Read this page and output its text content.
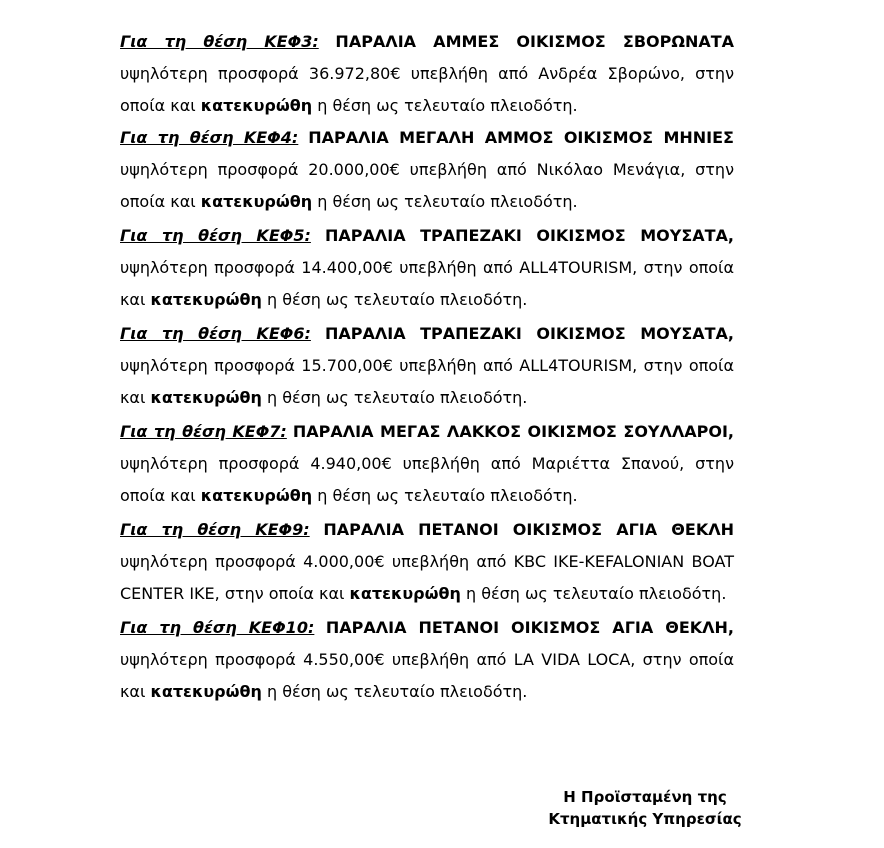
Για τη θέση ΚΕΦ3: ΠΑΡΑΛΙΑ ΑΜΜΕΣ ΟΙΚΙΣΜΟΣ ΣΒΟΡΩΝΑΤΑ υψηλότερη προσφορά 36.972,80€ υπεβλήθη από Ανδρέα Σβορώνο, στην οποία και κατεκυρώθη η θέση ως τελευταίο πλειοδότη.

Για τη θέση ΚΕΦ4: ΠΑΡΑΛΙΑ ΜΕΓΑΛΗ ΑΜΜΟΣ ΟΙΚΙΣΜΟΣ ΜΗΝΙΕΣ υψηλότερη προσφορά 20.000,00€ υπεβλήθη από Νικόλαο Μενάγια, στην οποία και κατεκυρώθη η θέση ως τελευταίο πλειοδότη.

Για τη θέση ΚΕΦ5: ΠΑΡΑΛΙΑ ΤΡΑΠΕΖΑΚΙ ΟΙΚΙΣΜΟΣ ΜΟΥΣΑΤΑ, υψηλότερη προσφορά 14.400,00€ υπεβλήθη από ALL4TOURISM, στην οποία και κατεκυρώθη η θέση ως τελευταίο πλειοδότη.

Για τη θέση ΚΕΦ6: ΠΑΡΑΛΙΑ ΤΡΑΠΕΖΑΚΙ ΟΙΚΙΣΜΟΣ ΜΟΥΣΑΤΑ, υψηλότερη προσφορά 15.700,00€ υπεβλήθη από ALL4TOURISM, στην οποία και κατεκυρώθη η θέση ως τελευταίο πλειοδότη.

Για τη θέση ΚΕΦ7: ΠΑΡΑΛΙΑ ΜΕΓΑΣ ΛΑΚΚΟΣ ΟΙΚΙΣΜΟΣ ΣΟΥΛΛΑΡΟΙ, υψηλότερη προσφορά 4.940,00€ υπεβλήθη από Μαριέττα Σπανού, στην οποία και κατεκυρώθη η θέση ως τελευταίο πλειοδότη.

Για τη θέση ΚΕΦ9: ΠΑΡΑΛΙΑ ΠΕΤΑΝΟΙ ΟΙΚΙΣΜΟΣ ΑΓΙΑ ΘΕΚΛΗ υψηλότερη προσφορά 4.000,00€ υπεβλήθη από KBC IKE-KEFALONIAN BOAT CENTER IKE, στην οποία και κατεκυρώθη η θέση ως τελευταίο πλειοδότη.

Για τη θέση ΚΕΦ10: ΠΑΡΑΛΙΑ ΠΕΤΑΝΟΙ ΟΙΚΙΣΜΟΣ ΑΓΙΑ ΘΕΚΛΗ, υψηλότερη προσφορά 4.550,00€ υπεβλήθη από LA VIDA LOCA, στην οποία και κατεκυρώθη η θέση ως τελευταίο πλειοδότη.

Η Προϊσταμένη της
Κτηματικής Υπηρεσίας
